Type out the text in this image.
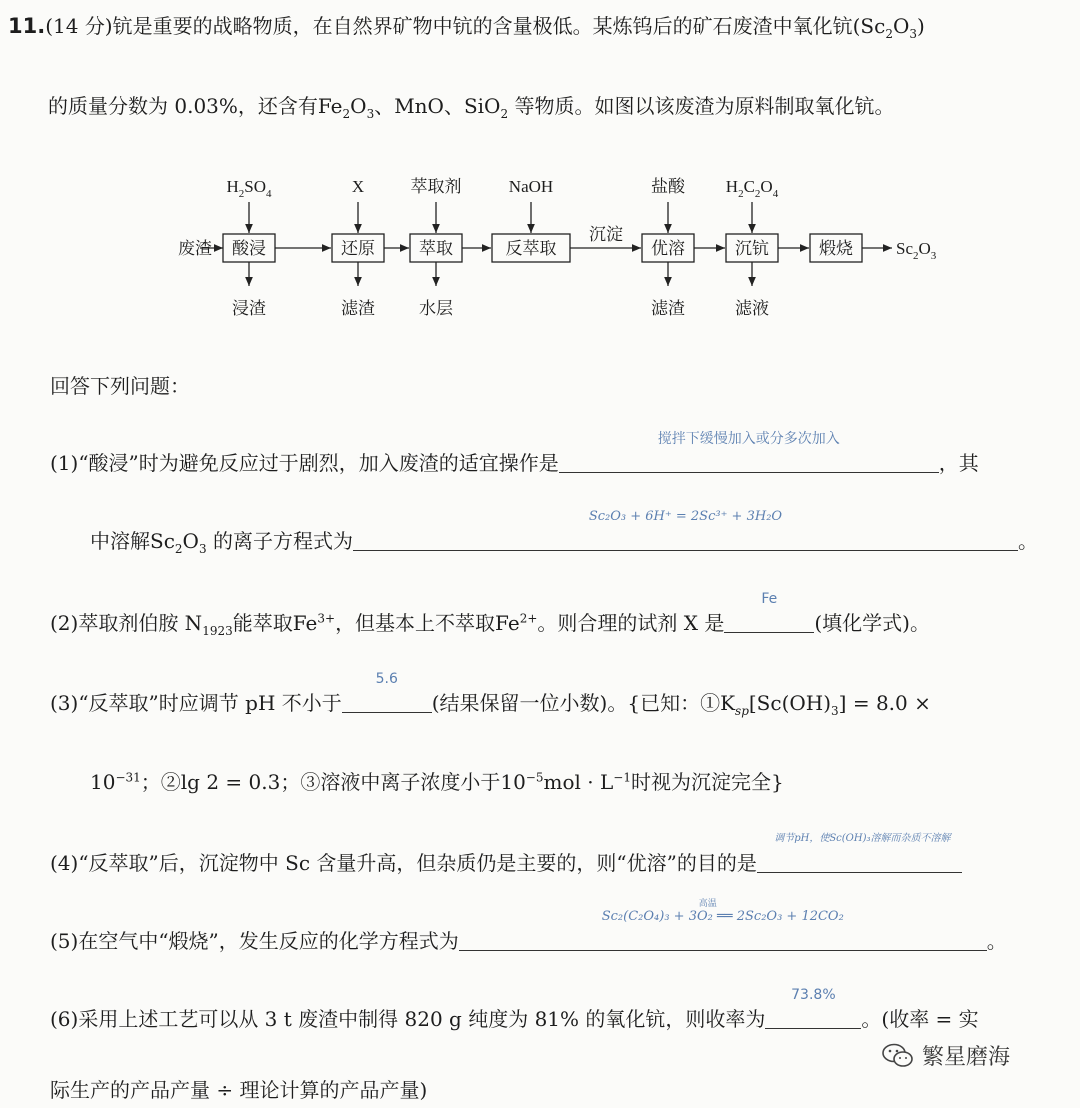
11.(14 分)钪是重要的战略物质，在自然界矿物中钪的含量极低。某炼钨后的矿石废渣中氧化钪$(Sc_2O_3)$
的质量分数为 0.03%，还含有$Fe_2O_3$、MnO、SiO$_2$ 等物质。如图以该废渣为原料制取氧化钪。
废渣 酸浸
$H_2SO_4$
还原
X
萃取
萃取剂
反萃取
NaOH
优溶
盐酸
沉钪
$H_2C_2O_4$
煅烧
浸渣	滤渣	水层	滤渣	滤液
沉淀
$Sc_2O_3$
回答下列问题：
(1)“酸浸”时为避免反应过于剧烈，加入废渣的适宜操作是
搅拌下缓慢加入或分多次加入
，其
中溶解$Sc_2O_3$ 的离子方程式为
Sc₂O₃ + 6H⁺ = 2Sc³⁺ + 3H₂O
。
(2)萃取剂伯胺 $N_{1923}$能萃取$Fe^{3+}$，但基本上不萃取$Fe^{2+}$。则合理的试剂 X 是
Fe
(填化学式)。
(3)“反萃取”时应调节 pH 不小于
5.6
(结果保留一位小数)。{已知：$①K_{sp}[Sc(OH)_3] = 8.0$ ×
$10^{-31}$；②lg 2 = 0.3；③溶液中离子浓度小于$10^{-5}mol \cdot L^{-1}$时视为沉淀完全}
(4)“反萃取”后，沉淀物中 Sc 含量升高，但杂质仍是主要的，则“优溶”的目的是
调节pH，使Sc(OH)₃溶解而杂质不溶解
(5)在空气中“煅烧”，发生反应的化学方程式为
Sc₂(C₂O₄)₃ + 3O₂ ══ 2Sc₂O₃ + 12CO₂
高温
。
(6)采用上述工艺可以从 3 t 废渣中制得 820 g 纯度为 81% 的氧化钪，则收率为
73.8%
。(收率 = 实
际生产的产品产量 ÷ 理论计算的产品产量)
繁星磨海
